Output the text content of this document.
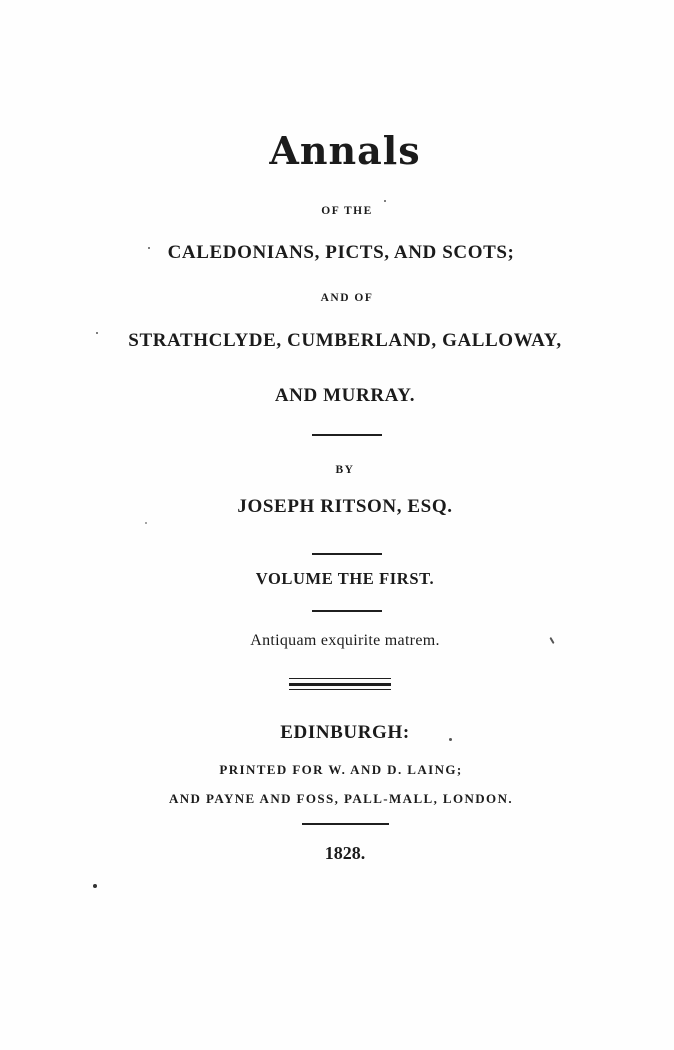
Annals
OF THE
CALEDONIANS, PICTS, AND SCOTS;
AND OF
STRATHCLYDE, CUMBERLAND, GALLOWAY,
AND MURRAY.
BY
JOSEPH RITSON, ESQ.
VOLUME THE FIRST.
Antiquam exquirite matrem.
EDINBURGH:
PRINTED FOR W. AND D. LAING;
AND PAYNE AND FOSS, PALL-MALL, LONDON.
1828.
